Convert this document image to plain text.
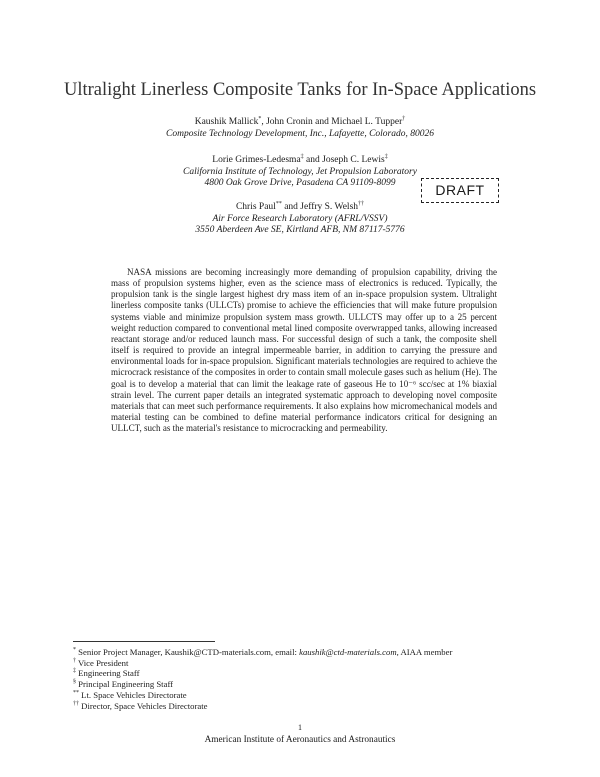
Ultralight Linerless Composite Tanks for In-Space Applications
Kaushik Mallick*, John Cronin and Michael L. Tupper†
Composite Technology Development, Inc., Lafayette, Colorado, 80026
Lorie Grimes-Ledesma‡ and Joseph C. Lewis‡
California Institute of Technology, Jet Propulsion Laboratory
4800 Oak Grove Drive, Pasadena CA 91109-8099
Chris Paul** and Jeffry S. Welsh††
Air Force Research Laboratory (AFRL/VSSV)
3550 Aberdeen Ave SE, Kirtland AFB, NM 87117-5776
DRAFT
NASA missions are becoming increasingly more demanding of propulsion capability, driving the mass of propulsion systems higher, even as the science mass of electronics is reduced. Typically, the propulsion tank is the single largest highest dry mass item of an in-space propulsion system. Ultralight linerless composite tanks (ULLCTs) promise to achieve the efficiencies that will make future propulsion systems viable and minimize propulsion system mass growth. ULLCTS may offer up to a 25 percent weight reduction compared to conventional metal lined composite overwrapped tanks, allowing increased reactant storage and/or reduced launch mass. For successful design of such a tank, the composite shell itself is required to provide an integral impermeable barrier, in addition to carrying the pressure and environmental loads for in-space propulsion. Significant materials technologies are required to achieve the microcrack resistance of the composites in order to contain small molecule gases such as helium (He). The goal is to develop a material that can limit the leakage rate of gaseous He to 10⁻⁶ scc/sec at 1% biaxial strain level. The current paper details an integrated systematic approach to developing novel composite materials that can meet such performance requirements. It also explains how micromechanical models and material testing can be combined to define material performance indicators critical for designing an ULLCT, such as the material's resistance to microcracking and permeability.
* Senior Project Manager, Kaushik@CTD-materials.com, email: kaushik@ctd-materials.com, AIAA member
† Vice President
‡ Engineering Staff
§ Principal Engineering Staff
** Lt. Space Vehicles Directorate
†† Director, Space Vehicles Directorate
1
American Institute of Aeronautics and Astronautics
